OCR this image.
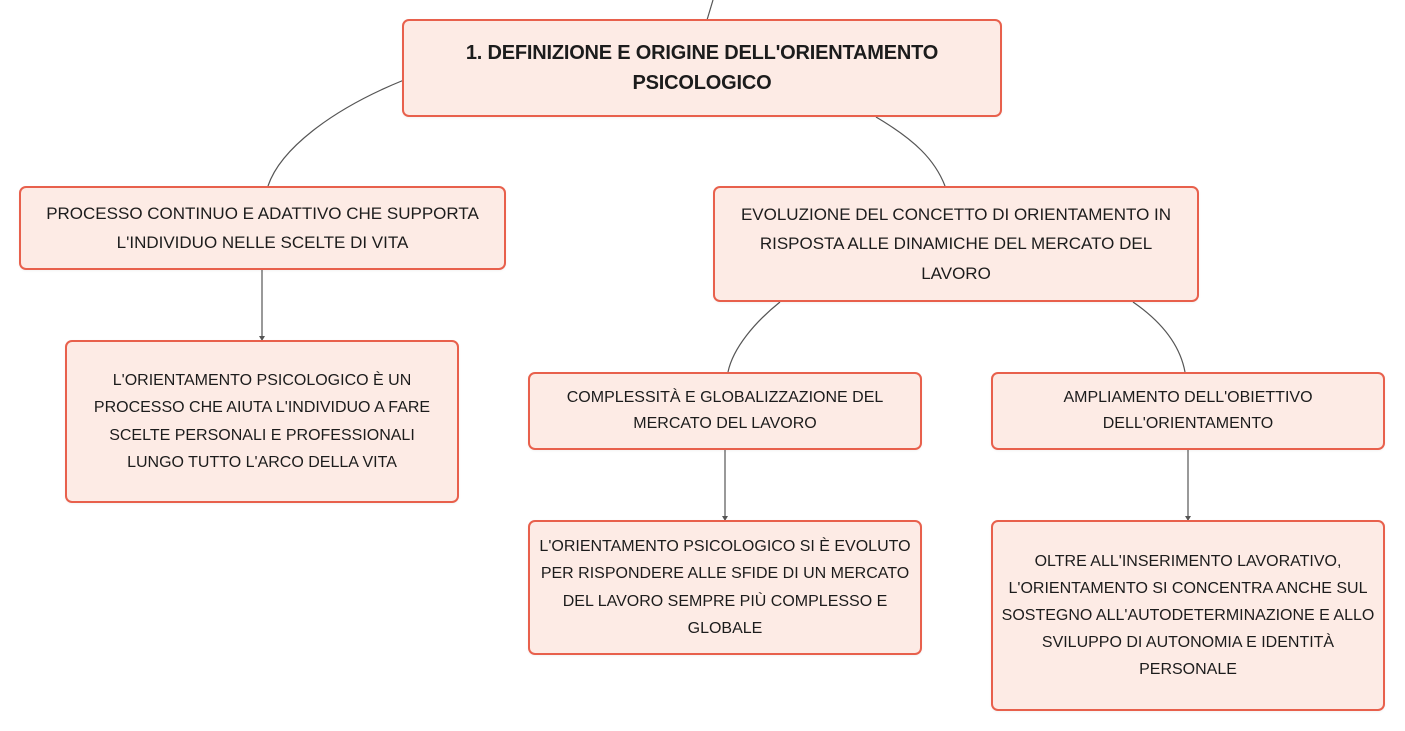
1. DEFINIZIONE E ORIGINE DELL'ORIENTAMENTO PSICOLOGICO
PROCESSO CONTINUO E ADATTIVO CHE SUPPORTA L'INDIVIDUO NELLE SCELTE DI VITA
EVOLUZIONE DEL CONCETTO DI ORIENTAMENTO IN RISPOSTA ALLE DINAMICHE DEL MERCATO DEL LAVORO
L'ORIENTAMENTO PSICOLOGICO È UN PROCESSO CHE AIUTA L'INDIVIDUO A FARE SCELTE PERSONALI E PROFESSIONALI LUNGO TUTTO L'ARCO DELLA VITA
COMPLESSITÀ E GLOBALIZZAZIONE DEL MERCATO DEL LAVORO
AMPLIAMENTO DELL'OBIETTIVO DELL'ORIENTAMENTO
L'ORIENTAMENTO PSICOLOGICO SI È EVOLUTO PER RISPONDERE ALLE SFIDE DI UN MERCATO DEL LAVORO SEMPRE PIÙ COMPLESSO E GLOBALE
OLTRE ALL'INSERIMENTO LAVORATIVO, L'ORIENTAMENTO SI CONCENTRA ANCHE SUL SOSTEGNO ALL'AUTODETERMINAZIONE E ALLO SVILUPPO DI AUTONOMIA E IDENTITÀ PERSONALE
